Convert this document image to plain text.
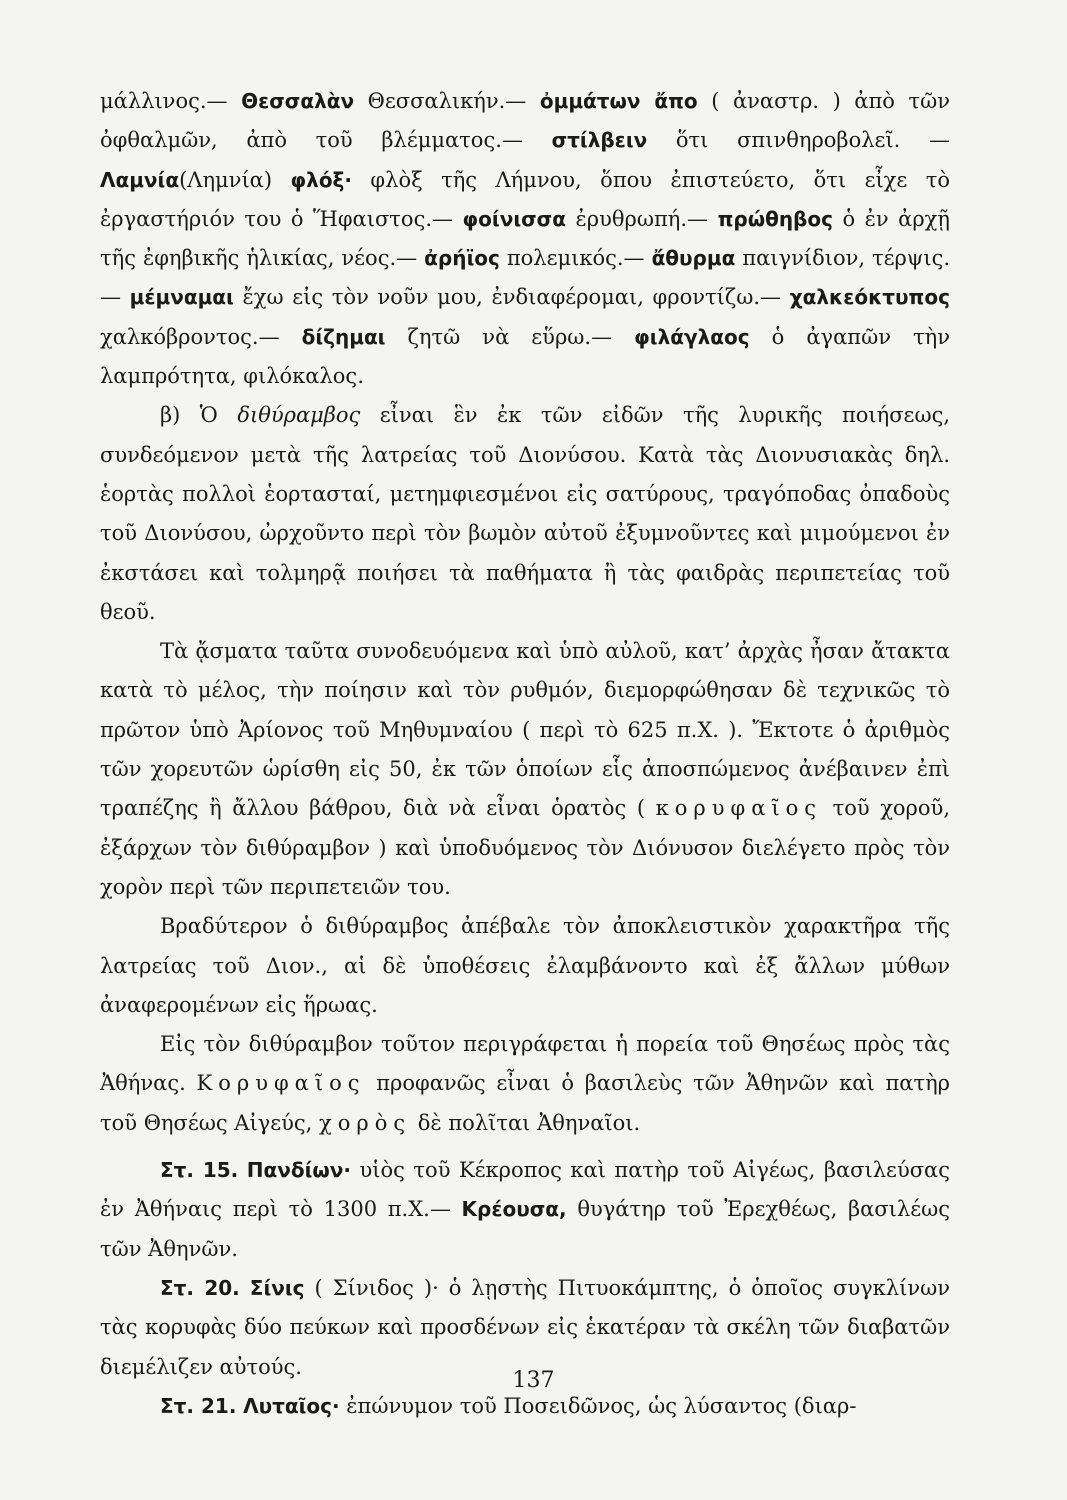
μάλλινος.— Θεσσαλὰν Θεσσαλικήν.— ὀμμάτων ἄπο ( ἀναστρ. ) ἀπὸ τῶν ὀφθαλμῶν, ἀπὸ τοῦ βλέμματος.— στίλβειν ὅτι σπινθηροβολεῖ. — Λαμνία(Λημνία) φλόξ· φλὸξ τῆς Λήμνου, ὅπου ἐπιστεύετο, ὅτι εἶχε τὸ ἐργαστήριόν του ὁ Ἥφαιστος.— φοίνισσα ἐρυθρωπή.— πρώθηβος ὁ ἐν ἀρχῇ τῆς ἐφηβικῆς ἡλικίας, νέος.— ἀρήϊος πολεμικός.— ἄθυρμα παιγνίδιον, τέρψις.— μέμναμαι ἔχω εἰς τὸν νοῦν μου, ἐνδιαφέρομαι, φροντίζω.— χαλκεόκτυπος χαλκόβροντος.— δίζημαι ζητῶ νὰ εὕρω.— φιλάγλαος ὁ ἀγαπῶν τὴν λαμπρότητα, φιλόκαλος.

β) Ὁ διθύραμβος εἶναι ἓν ἐκ τῶν εἰδῶν τῆς λυρικῆς ποιήσεως, συνδεόμενον μετὰ τῆς λατρείας τοῦ Διονύσου. Κατὰ τὰς Διονυσιακὰς δηλ. ἑορτὰς πολλοὶ ἑορτασταί, μετημφιεσμένοι εἰς σατύρους, τραγόποδας ὀπαδοὺς τοῦ Διονύσου, ὠρχοῦντο περὶ τὸν βωμὸν αὐτοῦ ἐξυμνοῦντες καὶ μιμούμενοι ἐν ἐκστάσει καὶ τολμηρᾷ ποιήσει τὰ παθήματα ἢ τὰς φαιδρὰς περιπετείας τοῦ θεοῦ.

Τὰ ᾄσματα ταῦτα συνοδευόμενα καὶ ὑπὸ αὐλοῦ, κατ’ ἀρχὰς ἦσαν ἄτακτα κατὰ τὸ μέλος, τὴν ποίησιν καὶ τὸν ρυθμόν, διεμορφώθησαν δὲ τεχνικῶς τὸ πρῶτον ὑπὸ Ἀρίονος τοῦ Μηθυμναίου ( περὶ τὸ 625 π.Χ. ). Ἔκτοτε ὁ ἀριθμὸς τῶν χορευτῶν ὡρίσθη εἰς 50, ἐκ τῶν ὁποίων εἷς ἀποσπώμενος ἀνέβαινεν ἐπὶ τραπέζης ἢ ἄλλου βάθρου, διὰ νὰ εἶναι ὁρατὸς ( κορυφαῖος τοῦ χοροῦ, ἐξάρχων τὸν διθύραμβον ) καὶ ὑποδυόμενος τὸν Διόνυσον διελέγετο πρὸς τὸν χορὸν περὶ τῶν περιπετειῶν του.

Βραδύτερον ὁ διθύραμβος ἀπέβαλε τὸν ἀποκλειστικὸν χαρακτῆρα τῆς λατρείας τοῦ Διον., αἱ δὲ ὑποθέσεις ἐλαμβάνοντο καὶ ἐξ ἄλλων μύθων ἀναφερομένων εἰς ἥρωας.

Εἰς τὸν διθύραμβον τοῦτον περιγράφεται ἡ πορεία τοῦ Θησέως πρὸς τὰς Ἀθήνας. Κορυφαῖος προφανῶς εἶναι ὁ βασιλεὺς τῶν Ἀθηνῶν καὶ πατὴρ τοῦ Θησέως Αἰγεύς, χορὸς δὲ πολῖται Ἀθηναῖοι.

Στ. 15. Πανδίων· υἱὸς τοῦ Κέκροπος καὶ πατὴρ τοῦ Αἰγέως, βασιλεύσας ἐν Ἀθήναις περὶ τὸ 1300 π.Χ.— Κρέουσα, θυγάτηρ τοῦ Ἐρεχθέως, βασιλέως τῶν Ἀθηνῶν.

Στ. 20. Σίνις ( Σίνιδος )· ὁ λῃστὴς Πιτυοκάμπτης, ὁ ὁποῖος συγκλίνων τὰς κορυφὰς δύο πεύκων καὶ προσδένων εἰς ἑκατέραν τὰ σκέλη τῶν διαβατῶν διεμέλιζεν αὐτούς.

Στ. 21. Λυταῖος· ἐπώνυμον τοῦ Ποσειδῶνος, ὡς λύσαντος (διαρ-

137
